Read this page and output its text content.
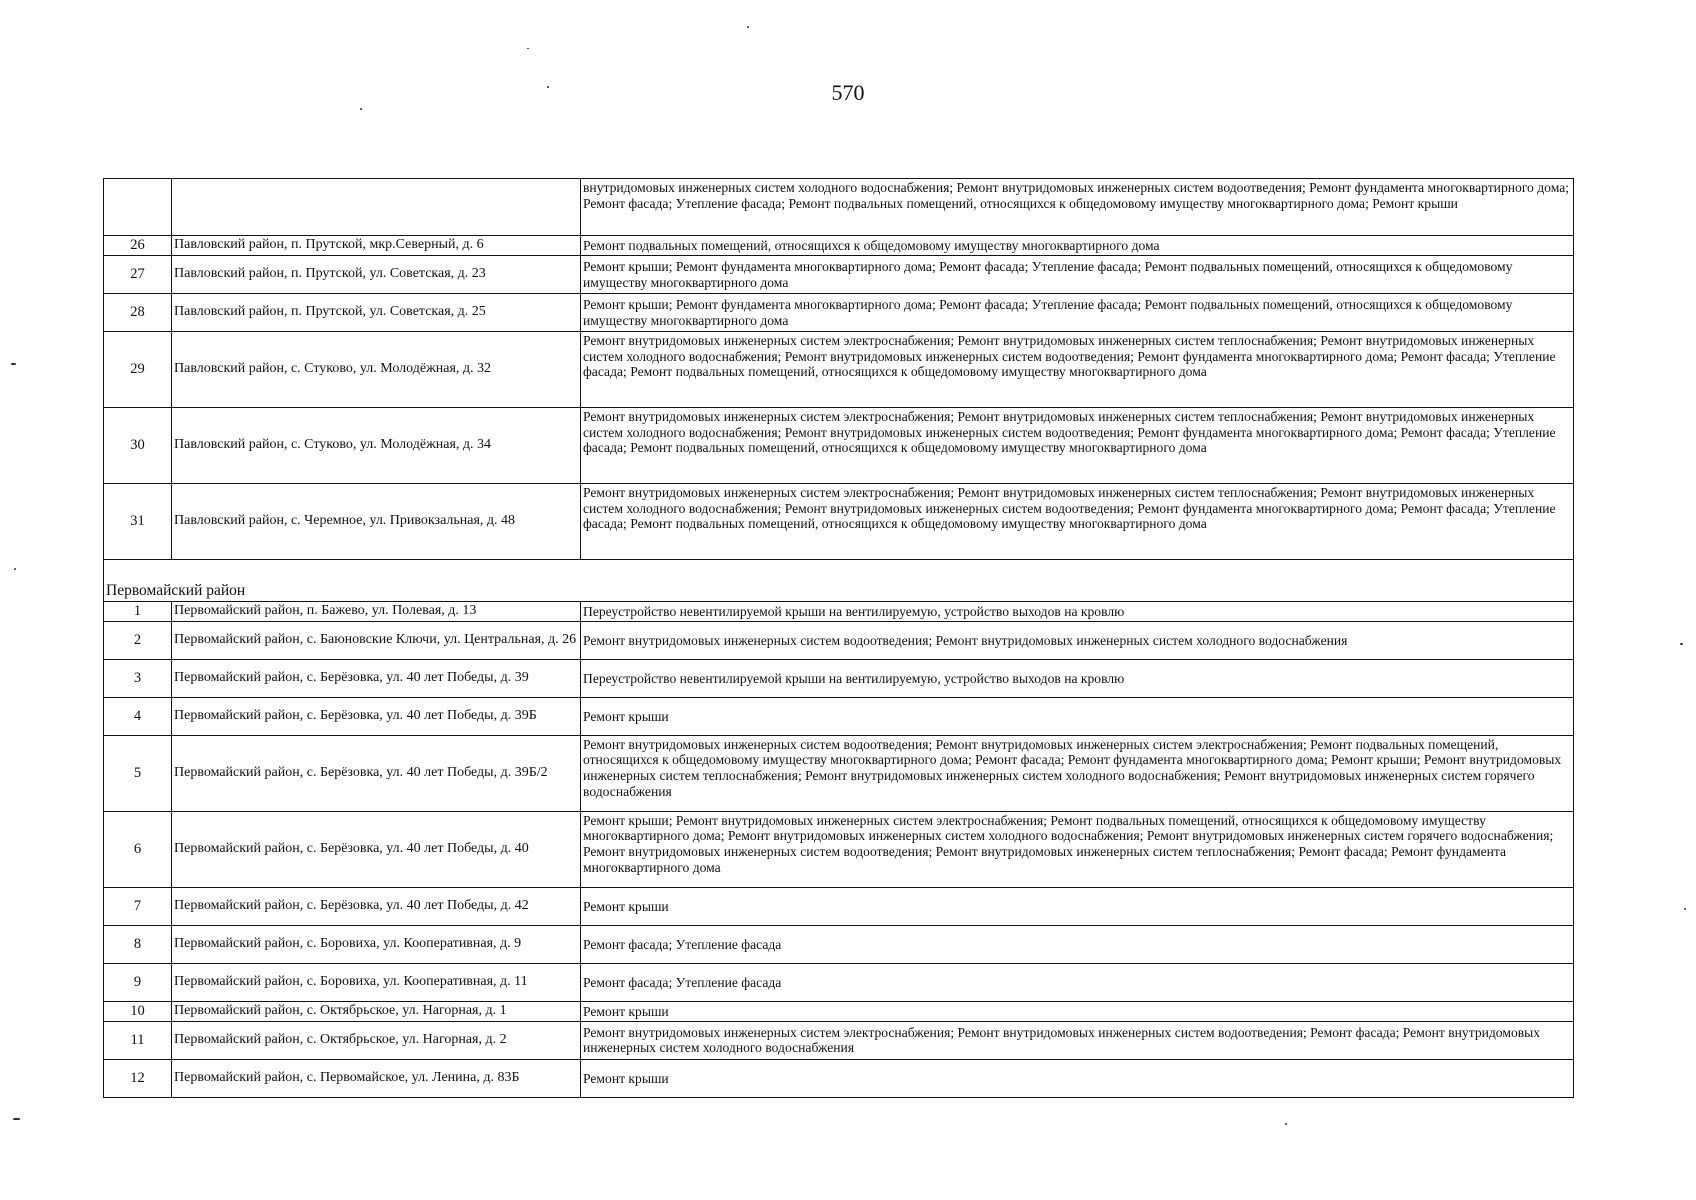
570
		внутридомовых инженерных систем холодного водоснабжения; Ремонт внутридомовых инженерных систем водоотведения; Ремонт фундамента многоквартирного дома; Ремонт фасада; Утепление фасада; Ремонт подвальных помещений, относящихся к общедомовому имуществу многоквартирного дома; Ремонт крыши
26	Павловский район, п. Прутской, мкр.Северный, д. 6	Ремонт подвальных помещений, относящихся к общедомовому имуществу многоквартирного дома
27	Павловский район, п. Прутской, ул. Советская, д. 23	Ремонт крыши; Ремонт фундамента многоквартирного дома; Ремонт фасада; Утепление фасада; Ремонт подвальных помещений, относящихся к общедомовому имуществу многоквартирного дома
28	Павловский район, п. Прутской, ул. Советская, д. 25	Ремонт крыши; Ремонт фундамента многоквартирного дома; Ремонт фасада; Утепление фасада; Ремонт подвальных помещений, относящихся к общедомовому имуществу многоквартирного дома
29	Павловский район, с. Стуково, ул. Молодёжная, д. 32	Ремонт внутридомовых инженерных систем электроснабжения; Ремонт внутридомовых инженерных систем теплоснабжения; Ремонт внутридомовых инженерных систем холодного водоснабжения; Ремонт внутридомовых инженерных систем водоотведения; Ремонт фундамента многоквартирного дома; Ремонт фасада; Утепление фасада; Ремонт подвальных помещений, относящихся к общедомовому имуществу многоквартирного дома
30	Павловский район, с. Стуково, ул. Молодёжная, д. 34	Ремонт внутридомовых инженерных систем электроснабжения; Ремонт внутридомовых инженерных систем теплоснабжения; Ремонт внутридомовых инженерных систем холодного водоснабжения; Ремонт внутридомовых инженерных систем водоотведения; Ремонт фундамента многоквартирного дома; Ремонт фасада; Утепление фасада; Ремонт подвальных помещений, относящихся к общедомовому имуществу многоквартирного дома
31	Павловский район, с. Черемное, ул. Привокзальная, д. 48	Ремонт внутридомовых инженерных систем электроснабжения; Ремонт внутридомовых инженерных систем теплоснабжения; Ремонт внутридомовых инженерных систем холодного водоснабжения; Ремонт внутридомовых инженерных систем водоотведения; Ремонт фундамента многоквартирного дома; Ремонт фасада; Утепление фасада; Ремонт подвальных помещений, относящихся к общедомовому имуществу многоквартирного дома
Первомайский район		
1	Первомайский район, п. Бажево, ул. Полевая, д. 13	Переустройство невентилируемой крыши на вентилируемую, устройство выходов на кровлю
2	Первомайский район, с. Баюновские Ключи, ул. Центральная, д. 26	Ремонт внутридомовых инженерных систем водоотведения; Ремонт внутридомовых инженерных систем холодного водоснабжения
3	Первомайский район, с. Берёзовка, ул. 40 лет Победы, д. 39	Переустройство невентилируемой крыши на вентилируемую, устройство выходов на кровлю
4	Первомайский район, с. Берёзовка, ул. 40 лет Победы, д. 39Б	Ремонт крыши
5	Первомайский район, с. Берёзовка, ул. 40 лет Победы, д. 39Б/2	Ремонт внутридомовых инженерных систем водоотведения; Ремонт внутридомовых инженерных систем электроснабжения; Ремонт подвальных помещений, относящихся к общедомовому имуществу многоквартирного дома; Ремонт фасада; Ремонт фундамента многоквартирного дома; Ремонт крыши; Ремонт внутридомовых инженерных систем теплоснабжения; Ремонт внутридомовых инженерных систем холодного водоснабжения; Ремонт внутридомовых инженерных систем горячего водоснабжения
6	Первомайский район, с. Берёзовка, ул. 40 лет Победы, д. 40	Ремонт крыши; Ремонт внутридомовых инженерных систем электроснабжения; Ремонт подвальных помещений, относящихся к общедомовому имуществу многоквартирного дома; Ремонт внутридомовых инженерных систем холодного водоснабжения; Ремонт внутридомовых инженерных систем горячего водоснабжения; Ремонт внутридомовых инженерных систем водоотведения; Ремонт внутридомовых инженерных систем теплоснабжения; Ремонт фасада; Ремонт фундамента многоквартирного дома
7	Первомайский район, с. Берёзовка, ул. 40 лет Победы, д. 42	Ремонт крыши
8	Первомайский район, с. Боровиха, ул. Кооперативная, д. 9	Ремонт фасада; Утепление фасада
9	Первомайский район, с. Боровиха, ул. Кооперативная, д. 11	Ремонт фасада; Утепление фасада
10	Первомайский район, с. Октябрьское, ул. Нагорная, д. 1	Ремонт крыши
11	Первомайский район, с. Октябрьское, ул. Нагорная, д. 2	Ремонт внутридомовых инженерных систем электроснабжения; Ремонт внутридомовых инженерных систем водоотведения; Ремонт фасада; Ремонт внутридомовых инженерных систем холодного водоснабжения
12	Первомайский район, с. Первомайское, ул. Ленина, д. 83Б	Ремонт крыши
